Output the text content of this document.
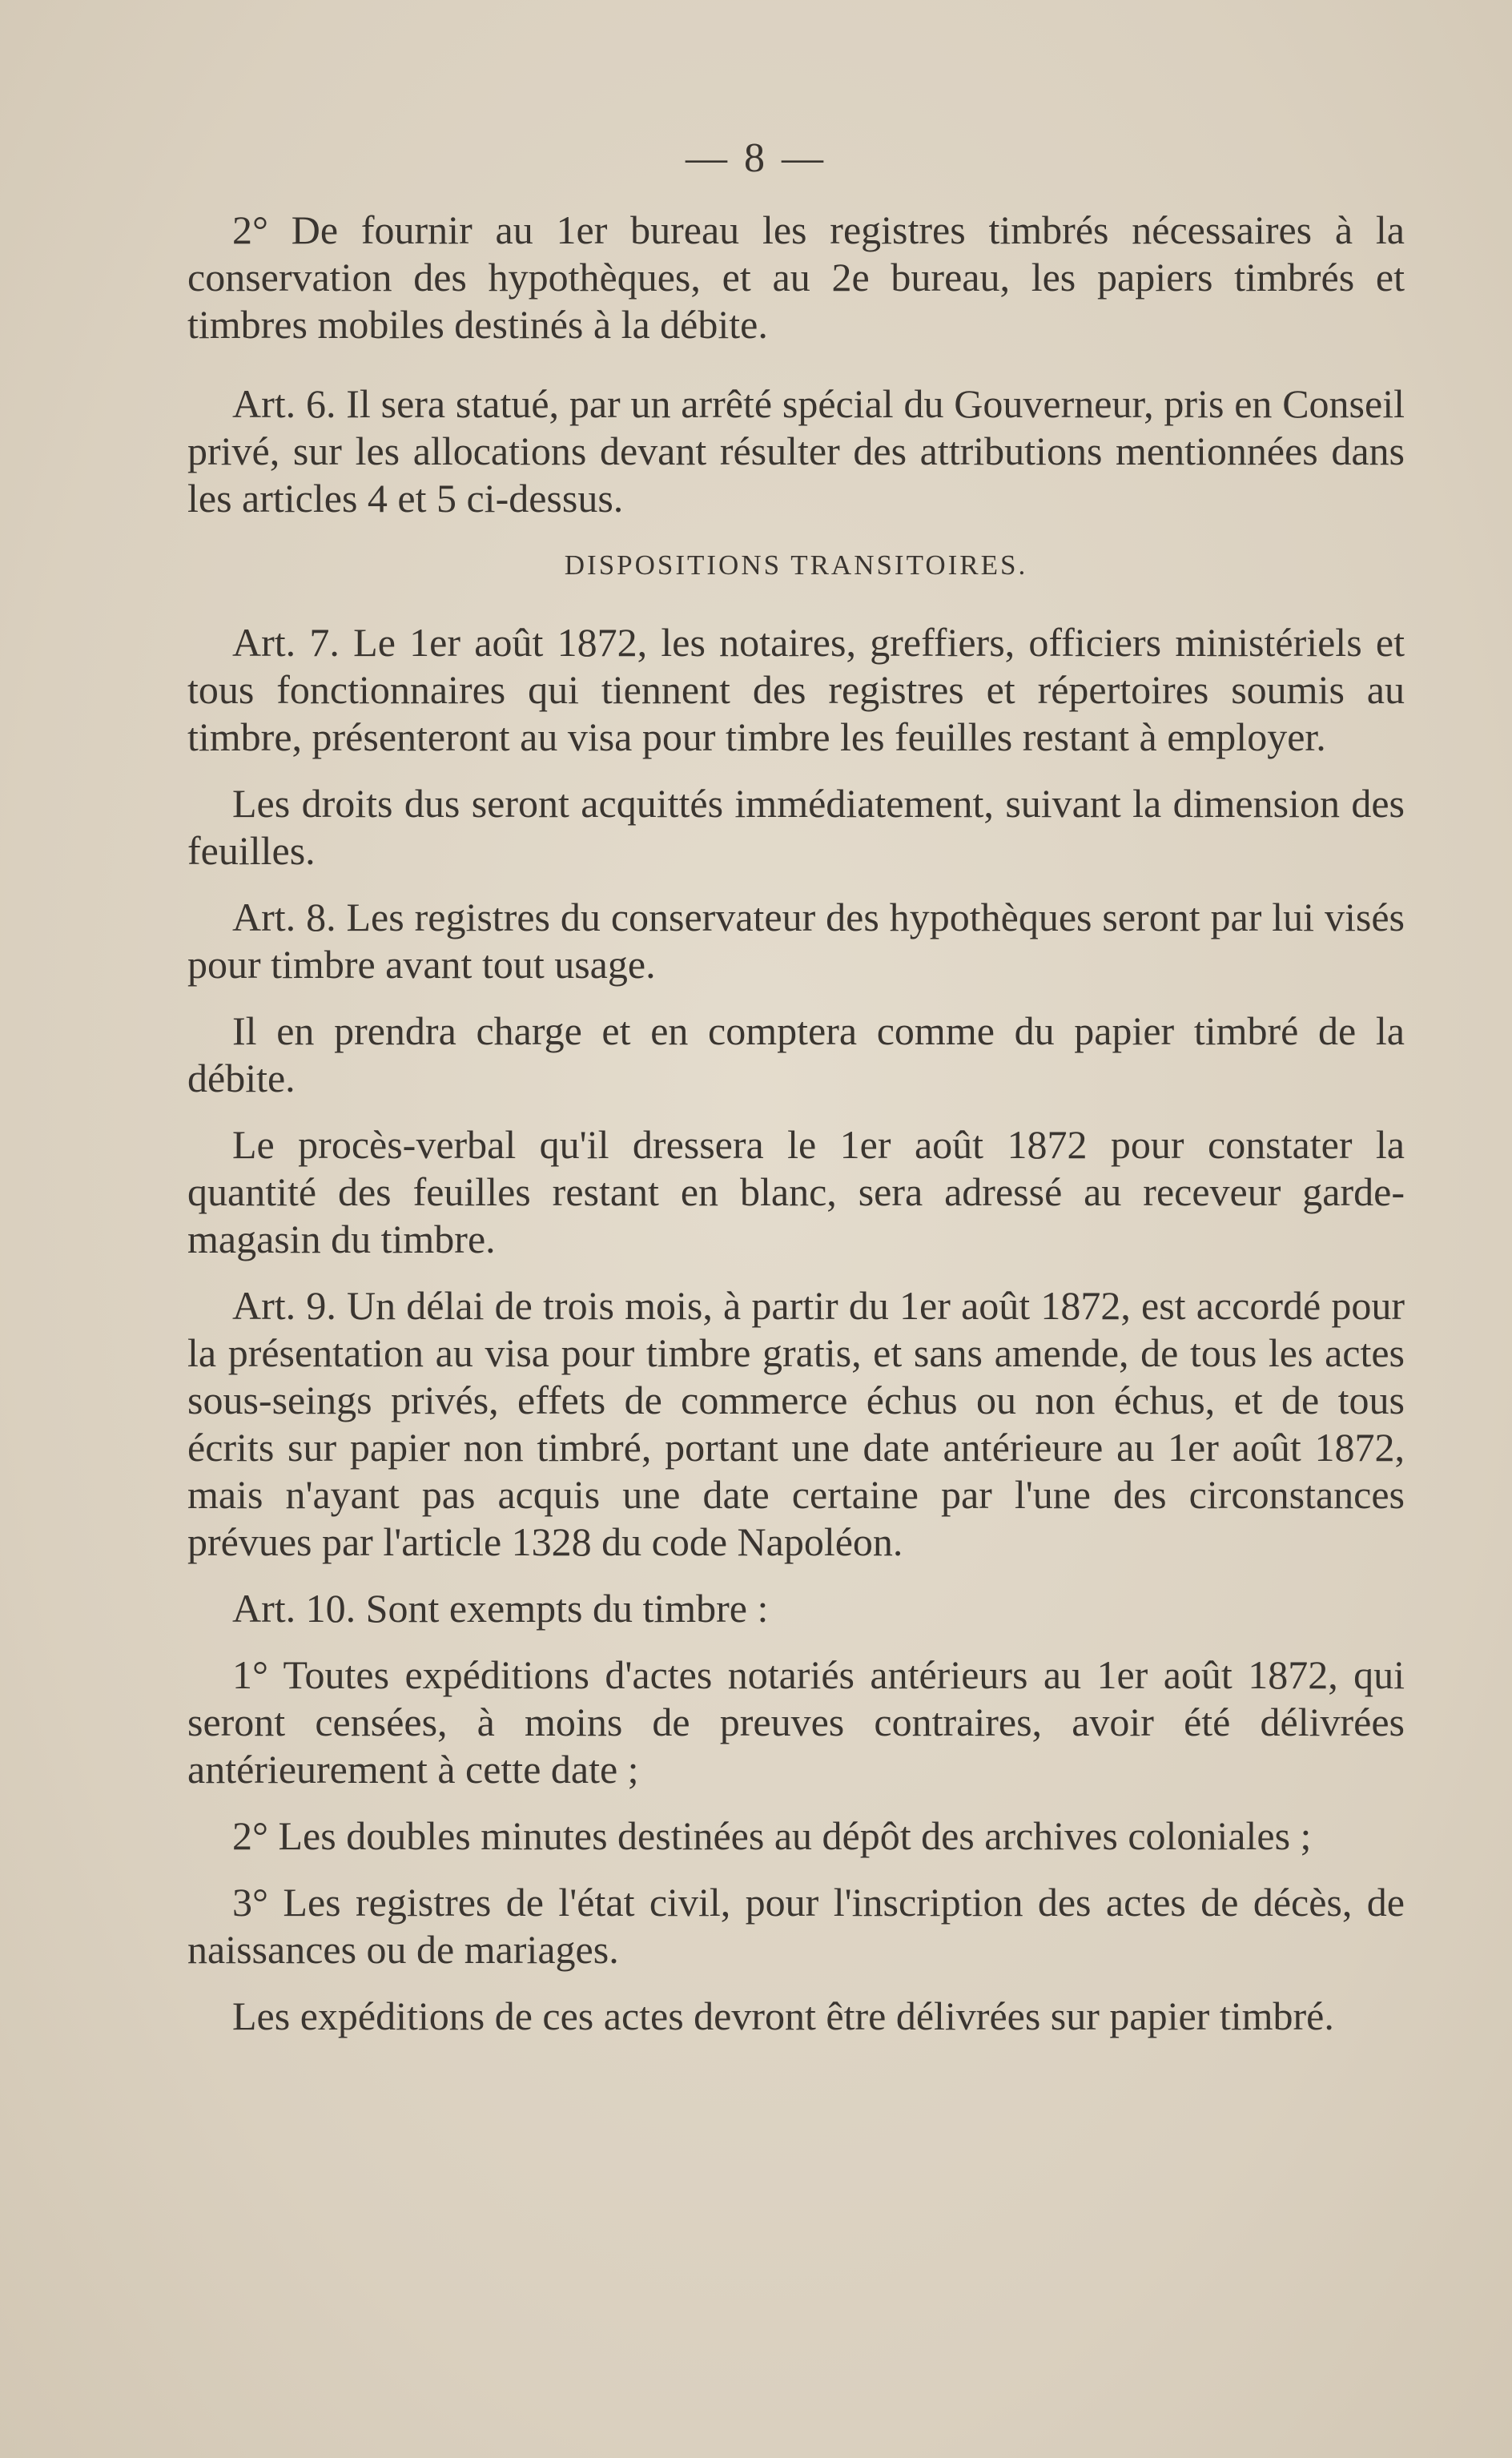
— 8 —

2° De fournir au 1er bureau les registres timbrés nécessaires à la conservation des hypothèques, et au 2e bureau, les papiers timbrés et timbres mobiles destinés à la débite.

Art. 6. Il sera statué, par un arrêté spécial du Gouverneur, pris en Conseil privé, sur les allocations devant résulter des attributions mentionnées dans les articles 4 et 5 ci-dessus.

DISPOSITIONS TRANSITOIRES.

Art. 7. Le 1er août 1872, les notaires, greffiers, officiers ministériels et tous fonctionnaires qui tiennent des registres et répertoires soumis au timbre, présenteront au visa pour timbre les feuilles restant à employer.

Les droits dus seront acquittés immédiatement, suivant la dimension des feuilles.

Art. 8. Les registres du conservateur des hypothèques seront par lui visés pour timbre avant tout usage.

Il en prendra charge et en comptera comme du papier timbré de la débite.

Le procès-verbal qu'il dressera le 1er août 1872 pour constater la quantité des feuilles restant en blanc, sera adressé au receveur garde-magasin du timbre.

Art. 9. Un délai de trois mois, à partir du 1er août 1872, est accordé pour la présentation au visa pour timbre gratis, et sans amende, de tous les actes sous-seings privés, effets de commerce échus ou non échus, et de tous écrits sur papier non timbré, portant une date antérieure au 1er août 1872, mais n'ayant pas acquis une date certaine par l'une des circonstances prévues par l'article 1328 du code Napoléon.

Art. 10. Sont exempts du timbre :

1° Toutes expéditions d'actes notariés antérieurs au 1er août 1872, qui seront censées, à moins de preuves contraires, avoir été délivrées antérieurement à cette date ;

2° Les doubles minutes destinées au dépôt des archives coloniales ;

3° Les registres de l'état civil, pour l'inscription des actes de décès, de naissances ou de mariages.

Les expéditions de ces actes devront être délivrées sur papier timbré.
